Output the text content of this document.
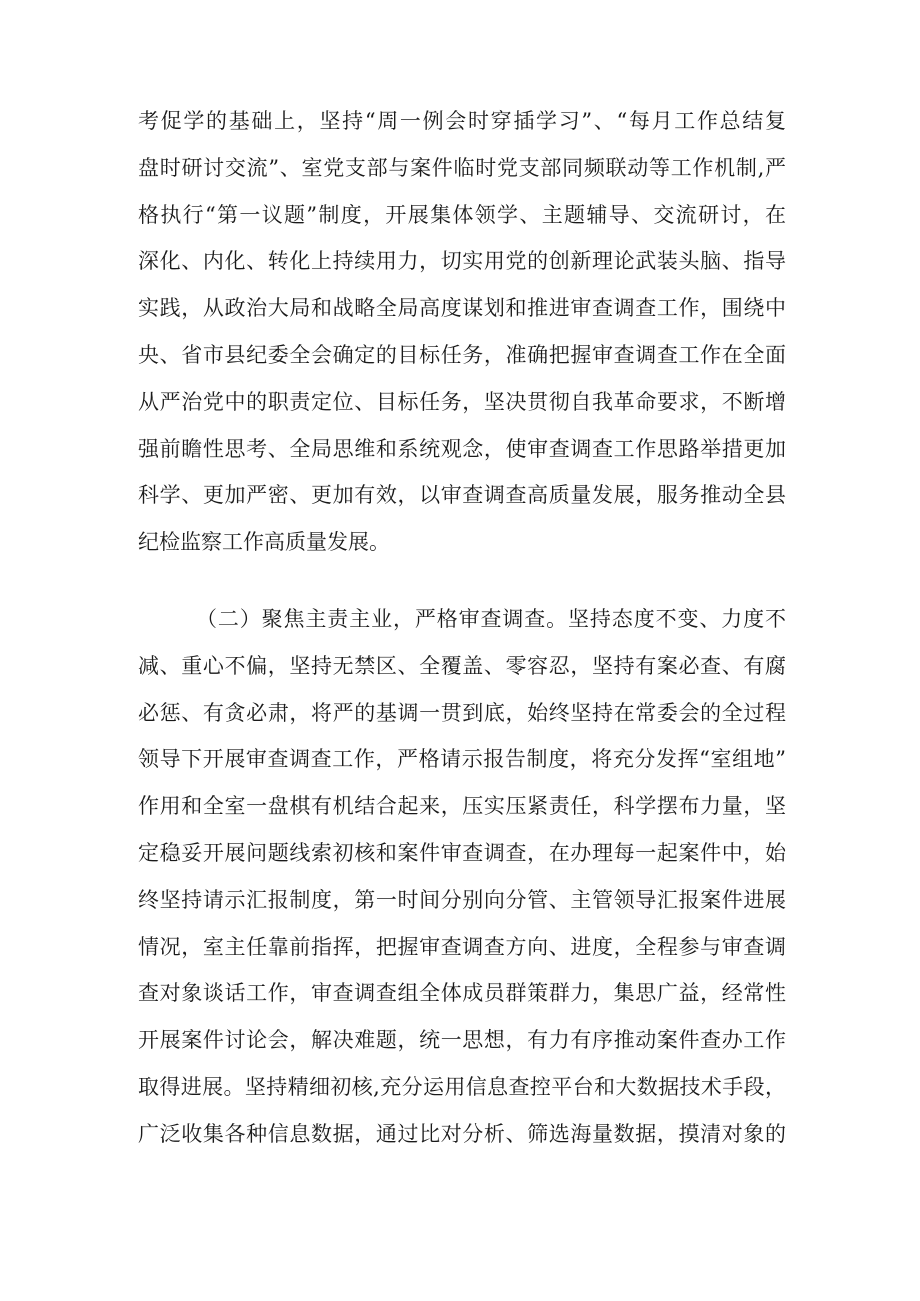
考促学的基础上，坚持“周一例会时穿插学习”、“每月工作总结复
盘时研讨交流”、室党支部与案件临时党支部同频联动等工作机制,严
格执行“第一议题”制度，开展集体领学、主题辅导、交流研讨，在
深化、内化、转化上持续用力，切实用党的创新理论武装头脑、指导
实践，从政治大局和战略全局高度谋划和推进审查调查工作，围绕中
央、省市县纪委全会确定的目标任务，准确把握审查调查工作在全面
从严治党中的职责定位、目标任务，坚决贯彻自我革命要求，不断增
强前瞻性思考、全局思维和系统观念，使审查调查工作思路举措更加
科学、更加严密、更加有效，以审查调查高质量发展，服务推动全县
纪检监察工作高质量发展。

（二）聚焦主责主业，严格审查调查。坚持态度不变、力度不
减、重心不偏，坚持无禁区、全覆盖、零容忍，坚持有案必查、有腐
必惩、有贪必肃，将严的基调一贯到底，始终坚持在常委会的全过程
领导下开展审查调查工作，严格请示报告制度，将充分发挥“室组地”
作用和全室一盘棋有机结合起来，压实压紧责任，科学摆布力量，坚
定稳妥开展问题线索初核和案件审查调查，在办理每一起案件中，始
终坚持请示汇报制度，第一时间分别向分管、主管领导汇报案件进展
情况，室主任靠前指挥，把握审查调查方向、进度，全程参与审查调
查对象谈话工作，审查调查组全体成员群策群力，集思广益，经常性
开展案件讨论会，解决难题，统一思想，有力有序推动案件查办工作
取得进展。坚持精细初核,充分运用信息查控平台和大数据技术手段，
广泛收集各种信息数据，通过比对分析、筛选海量数据，摸清对象的
